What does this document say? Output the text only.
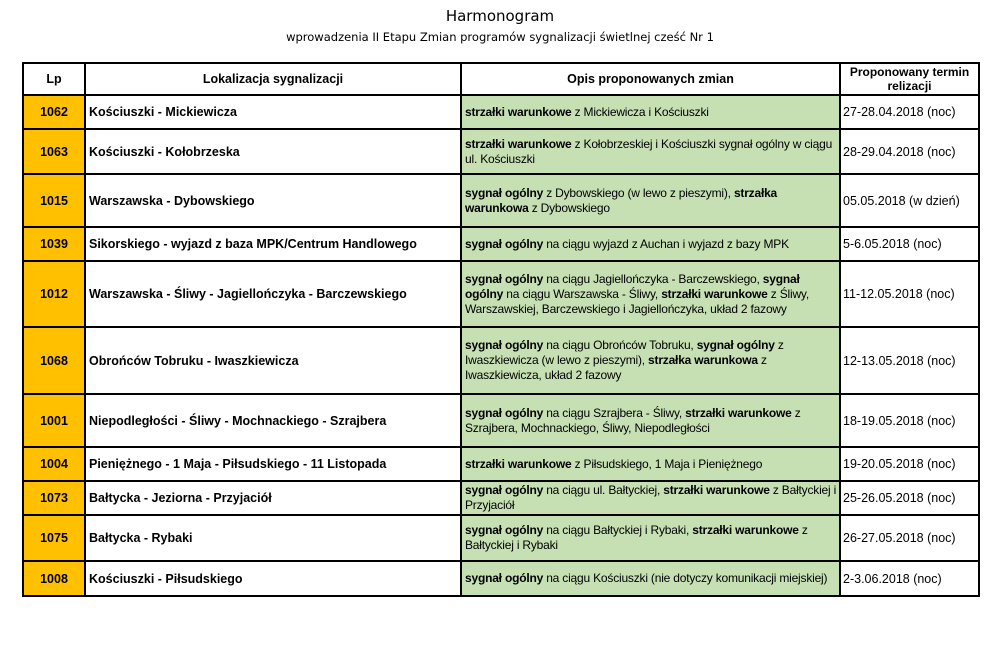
Harmonogram
wprowadzenia II Etapu Zmian programów sygnalizacji świetlnej cześć Nr 1
Lp	Lokalizacja sygnalizacji	Opis proponowanych zmian	Proponowany termin relizacji
1062	Kościuszki - Mickiewicza	strzałki warunkowe z Mickiewicza i Kościuszki	27-28.04.2018 (noc)
1063	Kościuszki - Kołobrzeska	strzałki warunkowe z Kołobrzeskiej i Kościuszki sygnał ogólny w ciągu ul. Kościuszki	28-29.04.2018 (noc)
1015	Warszawska - Dybowskiego	sygnał ogólny z Dybowskiego (w lewo z pieszymi), strzałka warunkowa z Dybowskiego	05.05.2018 (w dzień)
1039	Sikorskiego - wyjazd z baza MPK/Centrum Handlowego	sygnał ogólny na ciągu wyjazd z Auchan i wyjazd z bazy MPK	5-6.05.2018 (noc)
1012	Warszawska - Śliwy - Jagiellończyka - Barczewskiego	sygnał ogólny na ciągu Jagiellończyka - Barczewskiego, sygnał ogólny na ciągu Warszawska - Śliwy, strzałki warunkowe z Śliwy, Warszawskiej, Barczewskiego i Jagiellończyka, układ 2 fazowy	11-12.05.2018 (noc)
1068	Obrońców Tobruku - Iwaszkiewicza	sygnał ogólny na ciągu Obrońców Tobruku, sygnał ogólny z Iwaszkiewicza (w lewo z pieszymi), strzałka warunkowa z Iwaszkiewicza, układ 2 fazowy	12-13.05.2018 (noc)
1001	Niepodległości - Śliwy - Mochnackiego - Szrajbera	sygnał ogólny na ciągu Szrajbera - Śliwy, strzałki warunkowe z Szrajbera, Mochnackiego, Śliwy, Niepodległości	18-19.05.2018 (noc)
1004	Pieniężnego - 1 Maja - Piłsudskiego - 11 Listopada	strzałki warunkowe z Piłsudskiego, 1 Maja i Pieniężnego	19-20.05.2018 (noc)
1073	Bałtycka - Jeziorna - Przyjaciół	sygnał ogólny na ciągu ul. Bałtyckiej, strzałki warunkowe z Bałtyckiej i Przyjaciół	25-26.05.2018 (noc)
1075	Bałtycka - Rybaki	sygnał ogólny na ciągu Bałtyckiej i Rybaki, strzałki warunkowe z Bałtyckiej i Rybaki	26-27.05.2018 (noc)
1008	Kościuszki - Piłsudskiego	sygnał ogólny na ciągu Kościuszki (nie dotyczy komunikacji miejskiej)	2-3.06.2018 (noc)
